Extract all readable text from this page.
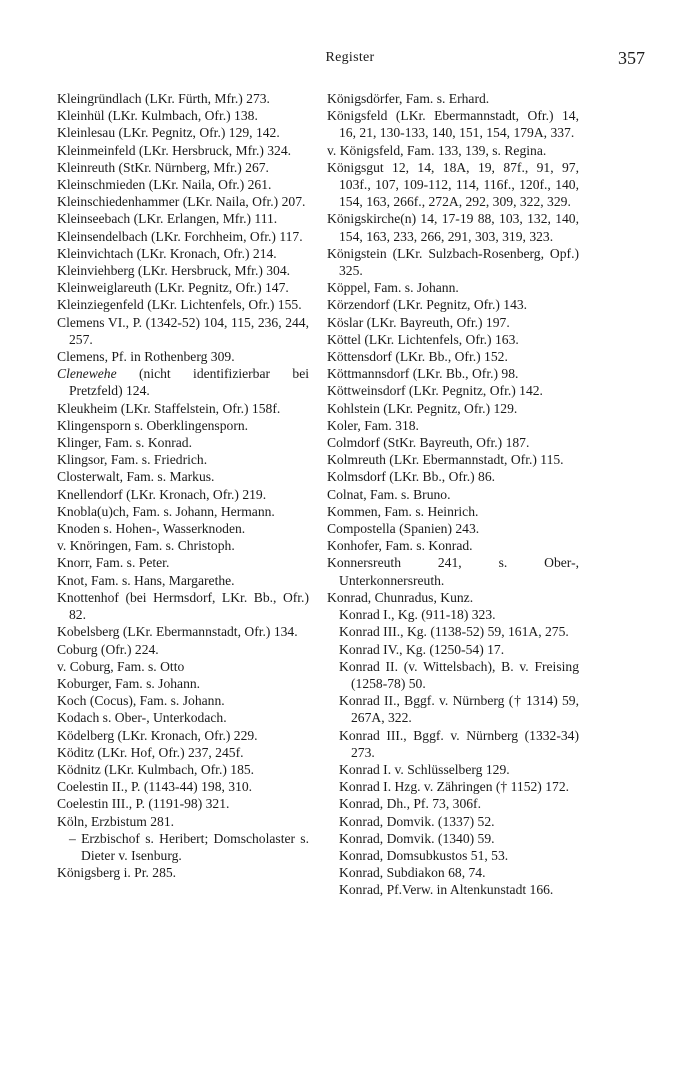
Register	357

Kleingründlach (LKr. Fürth, Mfr.) 273.

Kleinhül (LKr. Kulmbach, Ofr.) 138.

Kleinlesau (LKr. Pegnitz, Ofr.) 129, 142.

Kleinmeinfeld (LKr. Hersbruck, Mfr.) 324.

Kleinreuth (StKr. Nürnberg, Mfr.) 267.

Kleinschmieden (LKr. Naila, Ofr.) 261.

Kleinschiedenhammer (LKr. Naila, Ofr.) 207.

Kleinseebach (LKr. Erlangen, Mfr.) 111.

Kleinsendelbach (LKr. Forchheim, Ofr.) 117.

Kleinvichtach (LKr. Kronach, Ofr.) 214.

Kleinviehberg (LKr. Hersbruck, Mfr.) 304.

Kleinweiglareuth (LKr. Pegnitz, Ofr.) 147.

Kleinziegenfeld (LKr. Lichtenfels, Ofr.) 155.

Clemens VI., P. (1342-52) 104, 115, 236, 244, 257.

Clemens, Pf. in Rothenberg 309.

Clenewehe (nicht identifizierbar bei Pretzfeld) 124.

Kleukheim (LKr. Staffelstein, Ofr.) 158f.

Klingensporn s. Oberklingensporn.

Klinger, Fam. s. Konrad.

Klingsor, Fam. s. Friedrich.

Closterwalt, Fam. s. Markus.

Knellendorf (LKr. Kronach, Ofr.) 219.

Knobla(u)ch, Fam. s. Johann, Hermann.

Knoden s. Hohen-, Wasserknoden.

v. Knöringen, Fam. s. Christoph.

Knorr, Fam. s. Peter.

Knot, Fam. s. Hans, Margarethe.

Knottenhof (bei Hermsdorf, LKr. Bb., Ofr.) 82.

Kobelsberg (LKr. Ebermannstadt, Ofr.) 134.

Coburg (Ofr.) 224.

v. Coburg, Fam. s. Otto

Koburger, Fam. s. Johann.

Koch (Cocus), Fam. s. Johann.

Kodach s. Ober-, Unterkodach.

Ködelberg (LKr. Kronach, Ofr.) 229.

Köditz (LKr. Hof, Ofr.) 237, 245f.

Ködnitz (LKr. Kulmbach, Ofr.) 185.

Coelestin II., P. (1143-44) 198, 310.

Coelestin III., P. (1191-98) 321.

Köln, Erzbistum 281.

– Erzbischof s. Heribert; Domscholaster s. Dieter v. Isenburg.

Königsberg i. Pr. 285.

Königsdörfer, Fam. s. Erhard.

Königsfeld (LKr. Ebermannstadt, Ofr.) 14, 16, 21, 130-133, 140, 151, 154, 179A, 337.

v. Königsfeld, Fam. 133, 139, s. Regina.

Königsgut 12, 14, 18A, 19, 87f., 91, 97, 103f., 107, 109-112, 114, 116f., 120f., 140, 154, 163, 266f., 272A, 292, 309, 322, 329.

Königskirche(n) 14, 17-19 88, 103, 132, 140, 154, 163, 233, 266, 291, 303, 319, 323.

Königstein (LKr. Sulzbach-Rosenberg, Opf.) 325.

Köppel, Fam. s. Johann.

Körzendorf (LKr. Pegnitz, Ofr.) 143.

Köslar (LKr. Bayreuth, Ofr.) 197.

Köttel (LKr. Lichtenfels, Ofr.) 163.

Köttensdorf (LKr. Bb., Ofr.) 152.

Köttmannsdorf (LKr. Bb., Ofr.) 98.

Köttweinsdorf (LKr. Pegnitz, Ofr.) 142.

Kohlstein (LKr. Pegnitz, Ofr.) 129.

Koler, Fam. 318.

Colmdorf (StKr. Bayreuth, Ofr.) 187.

Kolmreuth (LKr. Ebermannstadt, Ofr.) 115.

Kolmsdorf (LKr. Bb., Ofr.) 86.

Colnat, Fam. s. Bruno.

Kommen, Fam. s. Heinrich.

Compostella (Spanien) 243.

Konhofer, Fam. s. Konrad.

Konnersreuth 241, s. Ober-, Unterkonnersreuth.

Konrad, Chunradus, Kunz.

Konrad I., Kg. (911-18) 323.

Konrad III., Kg. (1138-52) 59, 161A, 275.

Konrad IV., Kg. (1250-54) 17.

Konrad II. (v. Wittelsbach), B. v. Freising (1258-78) 50.

Konrad II., Bggf. v. Nürnberg († 1314) 59, 267A, 322.

Konrad III., Bggf. v. Nürnberg (1332-34) 273.

Konrad I. v. Schlüsselberg 129.

Konrad I. Hzg. v. Zähringen († 1152) 172.

Konrad, Dh., Pf. 73, 306f.

Konrad, Domvik. (1337) 52.

Konrad, Domvik. (1340) 59.

Konrad, Domsubkustos 51, 53.

Konrad, Subdiakon 68, 74.

Konrad, Pf.Verw. in Altenkunstadt 166.
